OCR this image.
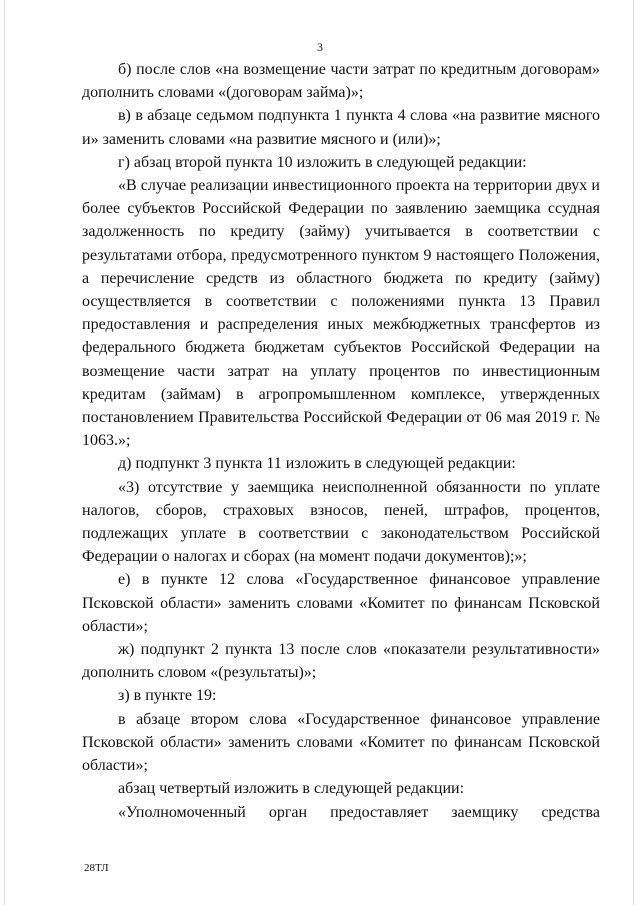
3

б) после слов «на возмещение части затрат по кредитным договорам» дополнить словами «(договорам займа)»;

в) в абзаце седьмом подпункта 1 пункта 4 слова «на развитие мясного и» заменить словами «на развитие мясного и (или)»;

г) абзац второй пункта 10 изложить в следующей редакции:

«В случае реализации инвестиционного проекта на территории двух и более субъектов Российской Федерации по заявлению заемщика ссудная задолженность по кредиту (займу) учитывается в соответствии с результатами отбора, предусмотренного пунктом 9 настоящего Положения, а перечисление средств из областного бюджета по кредиту (займу) осуществляется в соответствии с положениями пункта 13 Правил предоставления и распределения иных межбюджетных трансфертов из федерального бюджета бюджетам субъектов Российской Федерации на возмещение части затрат на уплату процентов по инвестиционным кредитам (займам) в агропромышленном комплексе, утвержденных постановлением Правительства Российской Федерации от 06 мая 2019 г. № 1063.»;

д) подпункт 3 пункта 11 изложить в следующей редакции:

«3) отсутствие у заемщика неисполненной обязанности по уплате налогов, сборов, страховых взносов, пеней, штрафов, процентов, подлежащих уплате в соответствии с законодательством Российской Федерации о налогах и сборах (на момент подачи документов);»;

е) в пункте 12 слова «Государственное финансовое управление Псковской области» заменить словами «Комитет по финансам Псковской области»;

ж) подпункт 2 пункта 13 после слов «показатели результативности» дополнить словом «(результаты)»;

з) в пункте 19:

в абзаце втором слова «Государственное финансовое управление Псковской области» заменить словами «Комитет по финансам Псковской области»;

абзац четвертый изложить в следующей редакции:

«Уполномоченный орган предоставляет заемщику средства

28ТЛ
